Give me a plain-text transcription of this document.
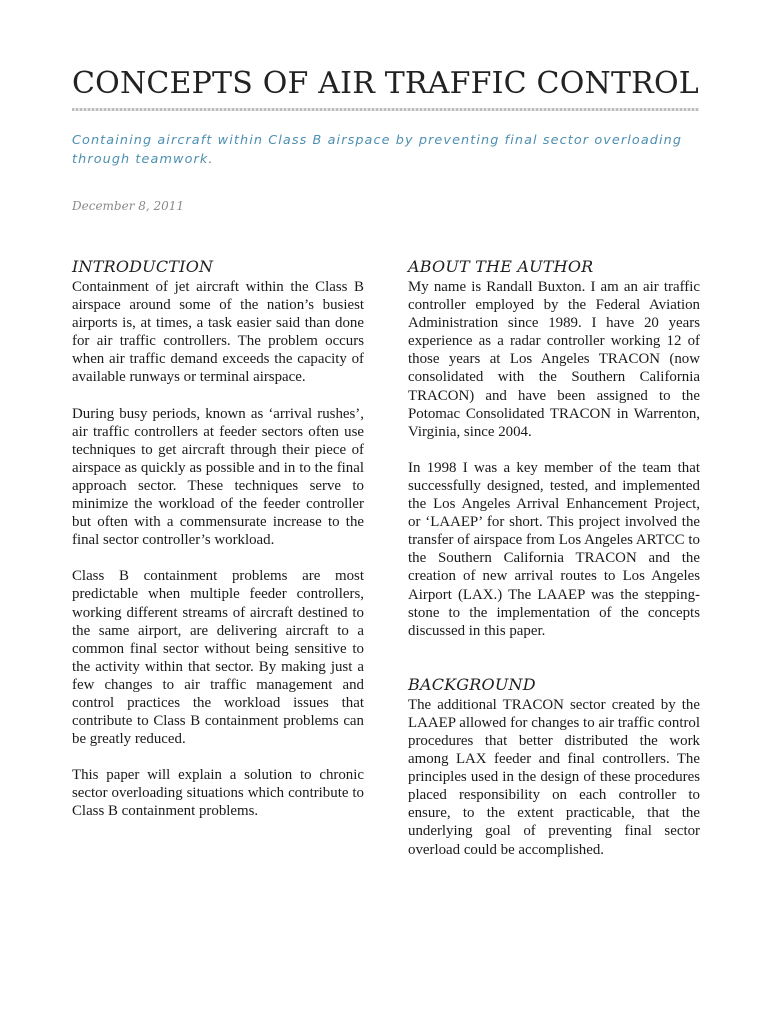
CONCEPTS OF AIR TRAFFIC CONTROL

Containing aircraft within Class B airspace by preventing final sector overloading through teamwork.

December 8, 2011

INTRODUCTION

Containment of jet aircraft within the Class B airspace around some of the nation’s busiest airports is, at times, a task easier said than done for air traffic controllers. The problem occurs when air traffic demand exceeds the capacity of available runways or terminal airspace.

During busy periods, known as ‘arrival rushes’, air traffic controllers at feeder sectors often use techniques to get aircraft through their piece of airspace as quickly as possible and in to the final approach sector. These techniques serve to minimize the workload of the feeder controller but often with a commensurate increase to the final sector controller’s workload.

Class B containment problems are most predictable when multiple feeder controllers, working different streams of aircraft destined to the same airport, are delivering aircraft to a common final sector without being sensitive to the activity within that sector. By making just a few changes to air traffic management and control practices the workload issues that contribute to Class B containment problems can be greatly reduced.

This paper will explain a solution to chronic sector overloading situations which contribute to Class B containment problems.

ABOUT THE AUTHOR

My name is Randall Buxton. I am an air traffic controller employed by the Federal Aviation Administration since 1989. I have 20 years experience as a radar controller working 12 of those years at Los Angeles TRACON (now consolidated with the Southern California TRACON) and have been assigned to the Potomac Consolidated TRACON in Warrenton, Virginia, since 2004.

In 1998 I was a key member of the team that successfully designed, tested, and implemented the Los Angeles Arrival Enhancement Project, or ‘LAAEP’ for short. This project involved the transfer of airspace from Los Angeles ARTCC to the Southern California TRACON and the creation of new arrival routes to Los Angeles Airport (LAX.) The LAAEP was the stepping-stone to the implementation of the concepts discussed in this paper.

BACKGROUND

The additional TRACON sector created by the LAAEP allowed for changes to air traffic control procedures that better distributed the work among LAX feeder and final controllers. The principles used in the design of these procedures placed responsibility on each controller to ensure, to the extent practicable, that the underlying goal of preventing final sector overload could be accomplished.
